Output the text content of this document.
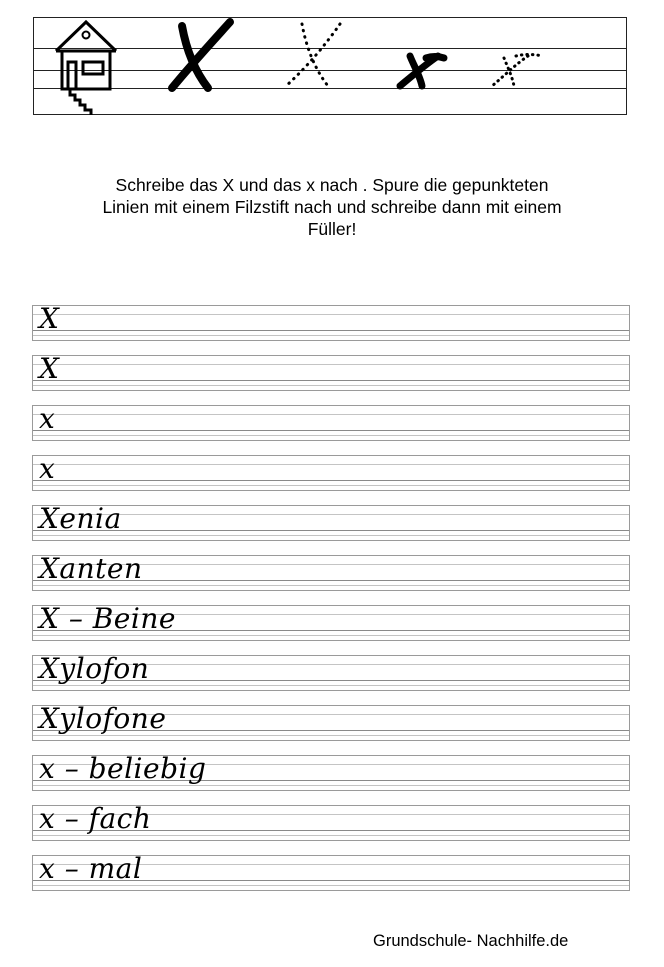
Schreibe das X und das x nach . Spure die gepunkteten
Linien mit einem Filzstift nach und schreibe dann mit einem
Füller!
X
X
x
x
Xenia
Xanten
X – Beine
Xylofon
Xylofone
x – beliebig
x – fach
x – mal
Grundschule- Nachhilfe.de
